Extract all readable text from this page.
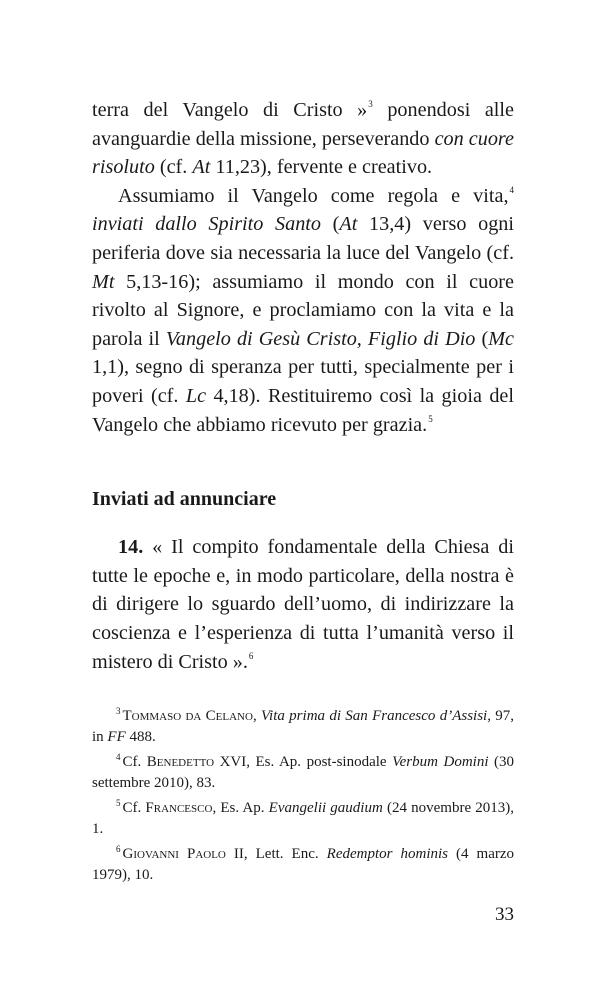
terra del Vangelo di Cristo »$^3$ ponendosi alle avanguardie della missione, perseverando con cuore risoluto (cf. At 11,23), fervente e creativo.

Assumiamo il Vangelo come regola e vita,$^4$ inviati dallo Spirito Santo (At 13,4) verso ogni periferia dove sia necessaria la luce del Vangelo (cf. Mt 5,13-16); assumiamo il mondo con il cuore rivolto al Signore, e proclamiamo con la vita e la parola il Vangelo di Gesù Cristo, Figlio di Dio (Mc 1,1), segno di speranza per tutti, specialmente per i poveri (cf. Lc 4,18). Restituiremo così la gioia del Vangelo che abbiamo ricevuto per grazia.$^5$

Inviati ad annunciare

14. « Il compito fondamentale della Chiesa di tutte le epoche e, in modo particolare, della nostra è di dirigere lo sguardo dell’uomo, di indirizzare la coscienza e l’esperienza di tutta l’umanità verso il mistero di Cristo ».$^6$

$^3$ Tommaso da Celano, Vita prima di San Francesco d’Assisi, 97, in FF 488.

$^4$ Cf. Benedetto XVI, Es. Ap. post-sinodale Verbum Domini (30 settembre 2010), 83.

$^5$ Cf. Francesco, Es. Ap. Evangelii gaudium (24 novembre 2013), 1.

$^6$ Giovanni Paolo II, Lett. Enc. Redemptor hominis (4 marzo 1979), 10.

33
